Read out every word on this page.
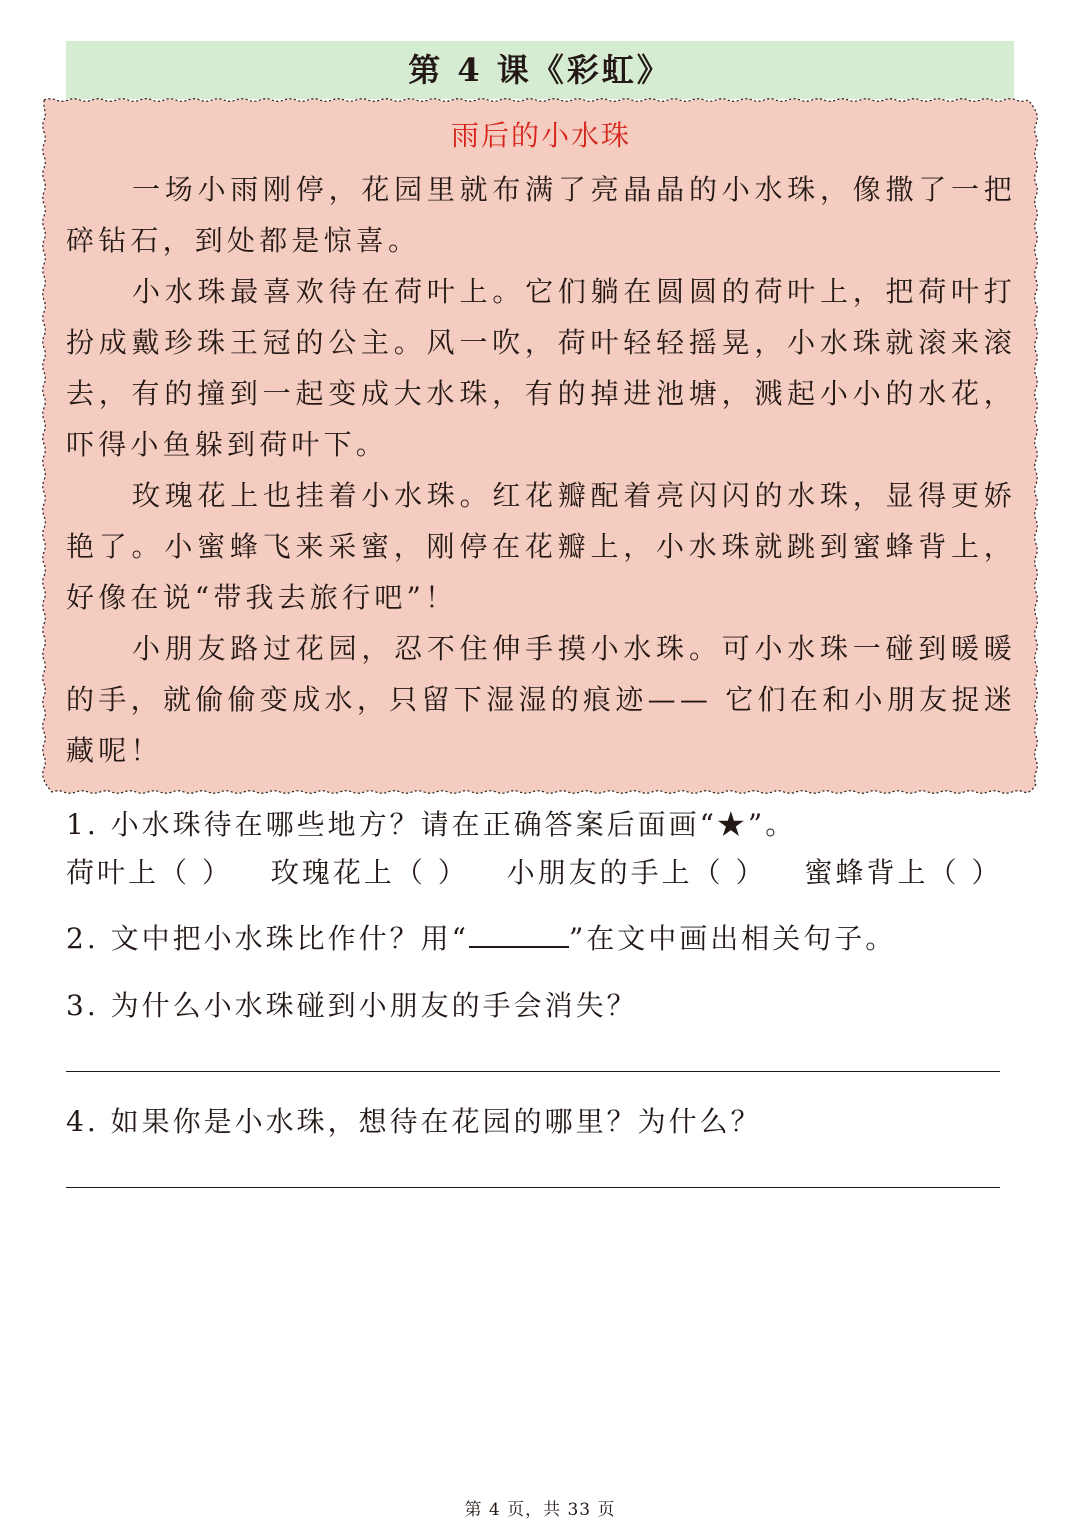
第 4 课《彩虹》
雨后的小水珠

一场小雨刚停，花园里就布满了亮晶晶的小水珠，像撒了一把碎钻石，到处都是惊喜。

小水珠最喜欢待在荷叶上。它们躺在圆圆的荷叶上，把荷叶打扮成戴珍珠王冠的公主。风一吹，荷叶轻轻摇晃，小水珠就滚来滚去，有的撞到一起变成大水珠，有的掉进池塘，溅起小小的水花，吓得小鱼躲到荷叶下。

玫瑰花上也挂着小水珠。红花瓣配着亮闪闪的水珠，显得更娇艳了。小蜜蜂飞来采蜜，刚停在花瓣上，小水珠就跳到蜜蜂背上，好像在说“带我去旅行吧”！

小朋友路过花园，忍不住伸手摸小水珠。可小水珠一碰到暖暖的手，就偷偷变成水，只留下湿湿的痕迹—— 它们在和小朋友捉迷藏呢！

1. 小水珠待在哪些地方？请在正确答案后面画“★”。
荷叶上（ ） 玫瑰花上（ ） 小朋友的手上（ ） 蜜蜂背上（ ）
2. 文中把小水珠比作什？用“	”在文中画出相关句子。
3. 为什么小水珠碰到小朋友的手会消失？
4. 如果你是小水珠，想待在花园的哪里？为什么？
第 4 页，共 33 页
